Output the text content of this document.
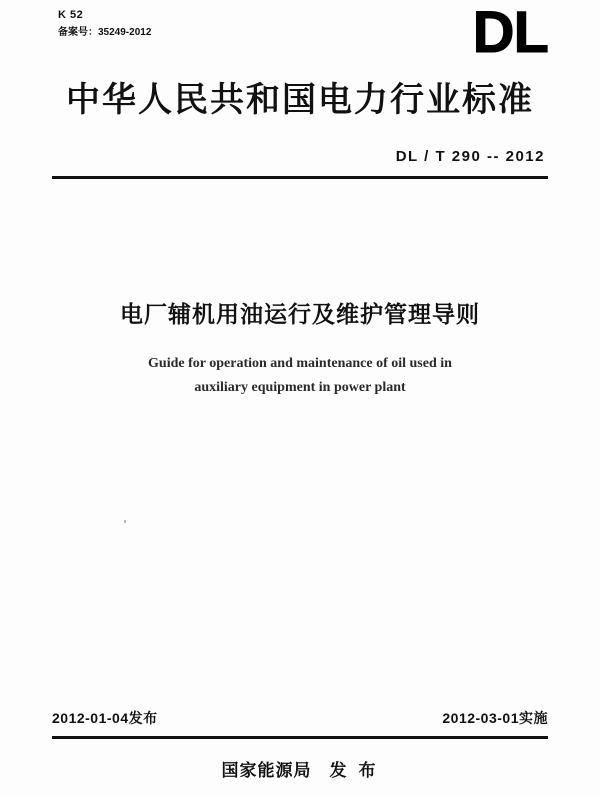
K 52
备案号：35249-2012	DL
中华人民共和国电力行业标准
DL / T 290 -- 2012
电厂辅机用油运行及维护管理导则
Guide for operation and maintenance of oil used in
auxiliary equipment in power plant
2012-01-04发布	2012-03-01实施
国家能源局 发 布
